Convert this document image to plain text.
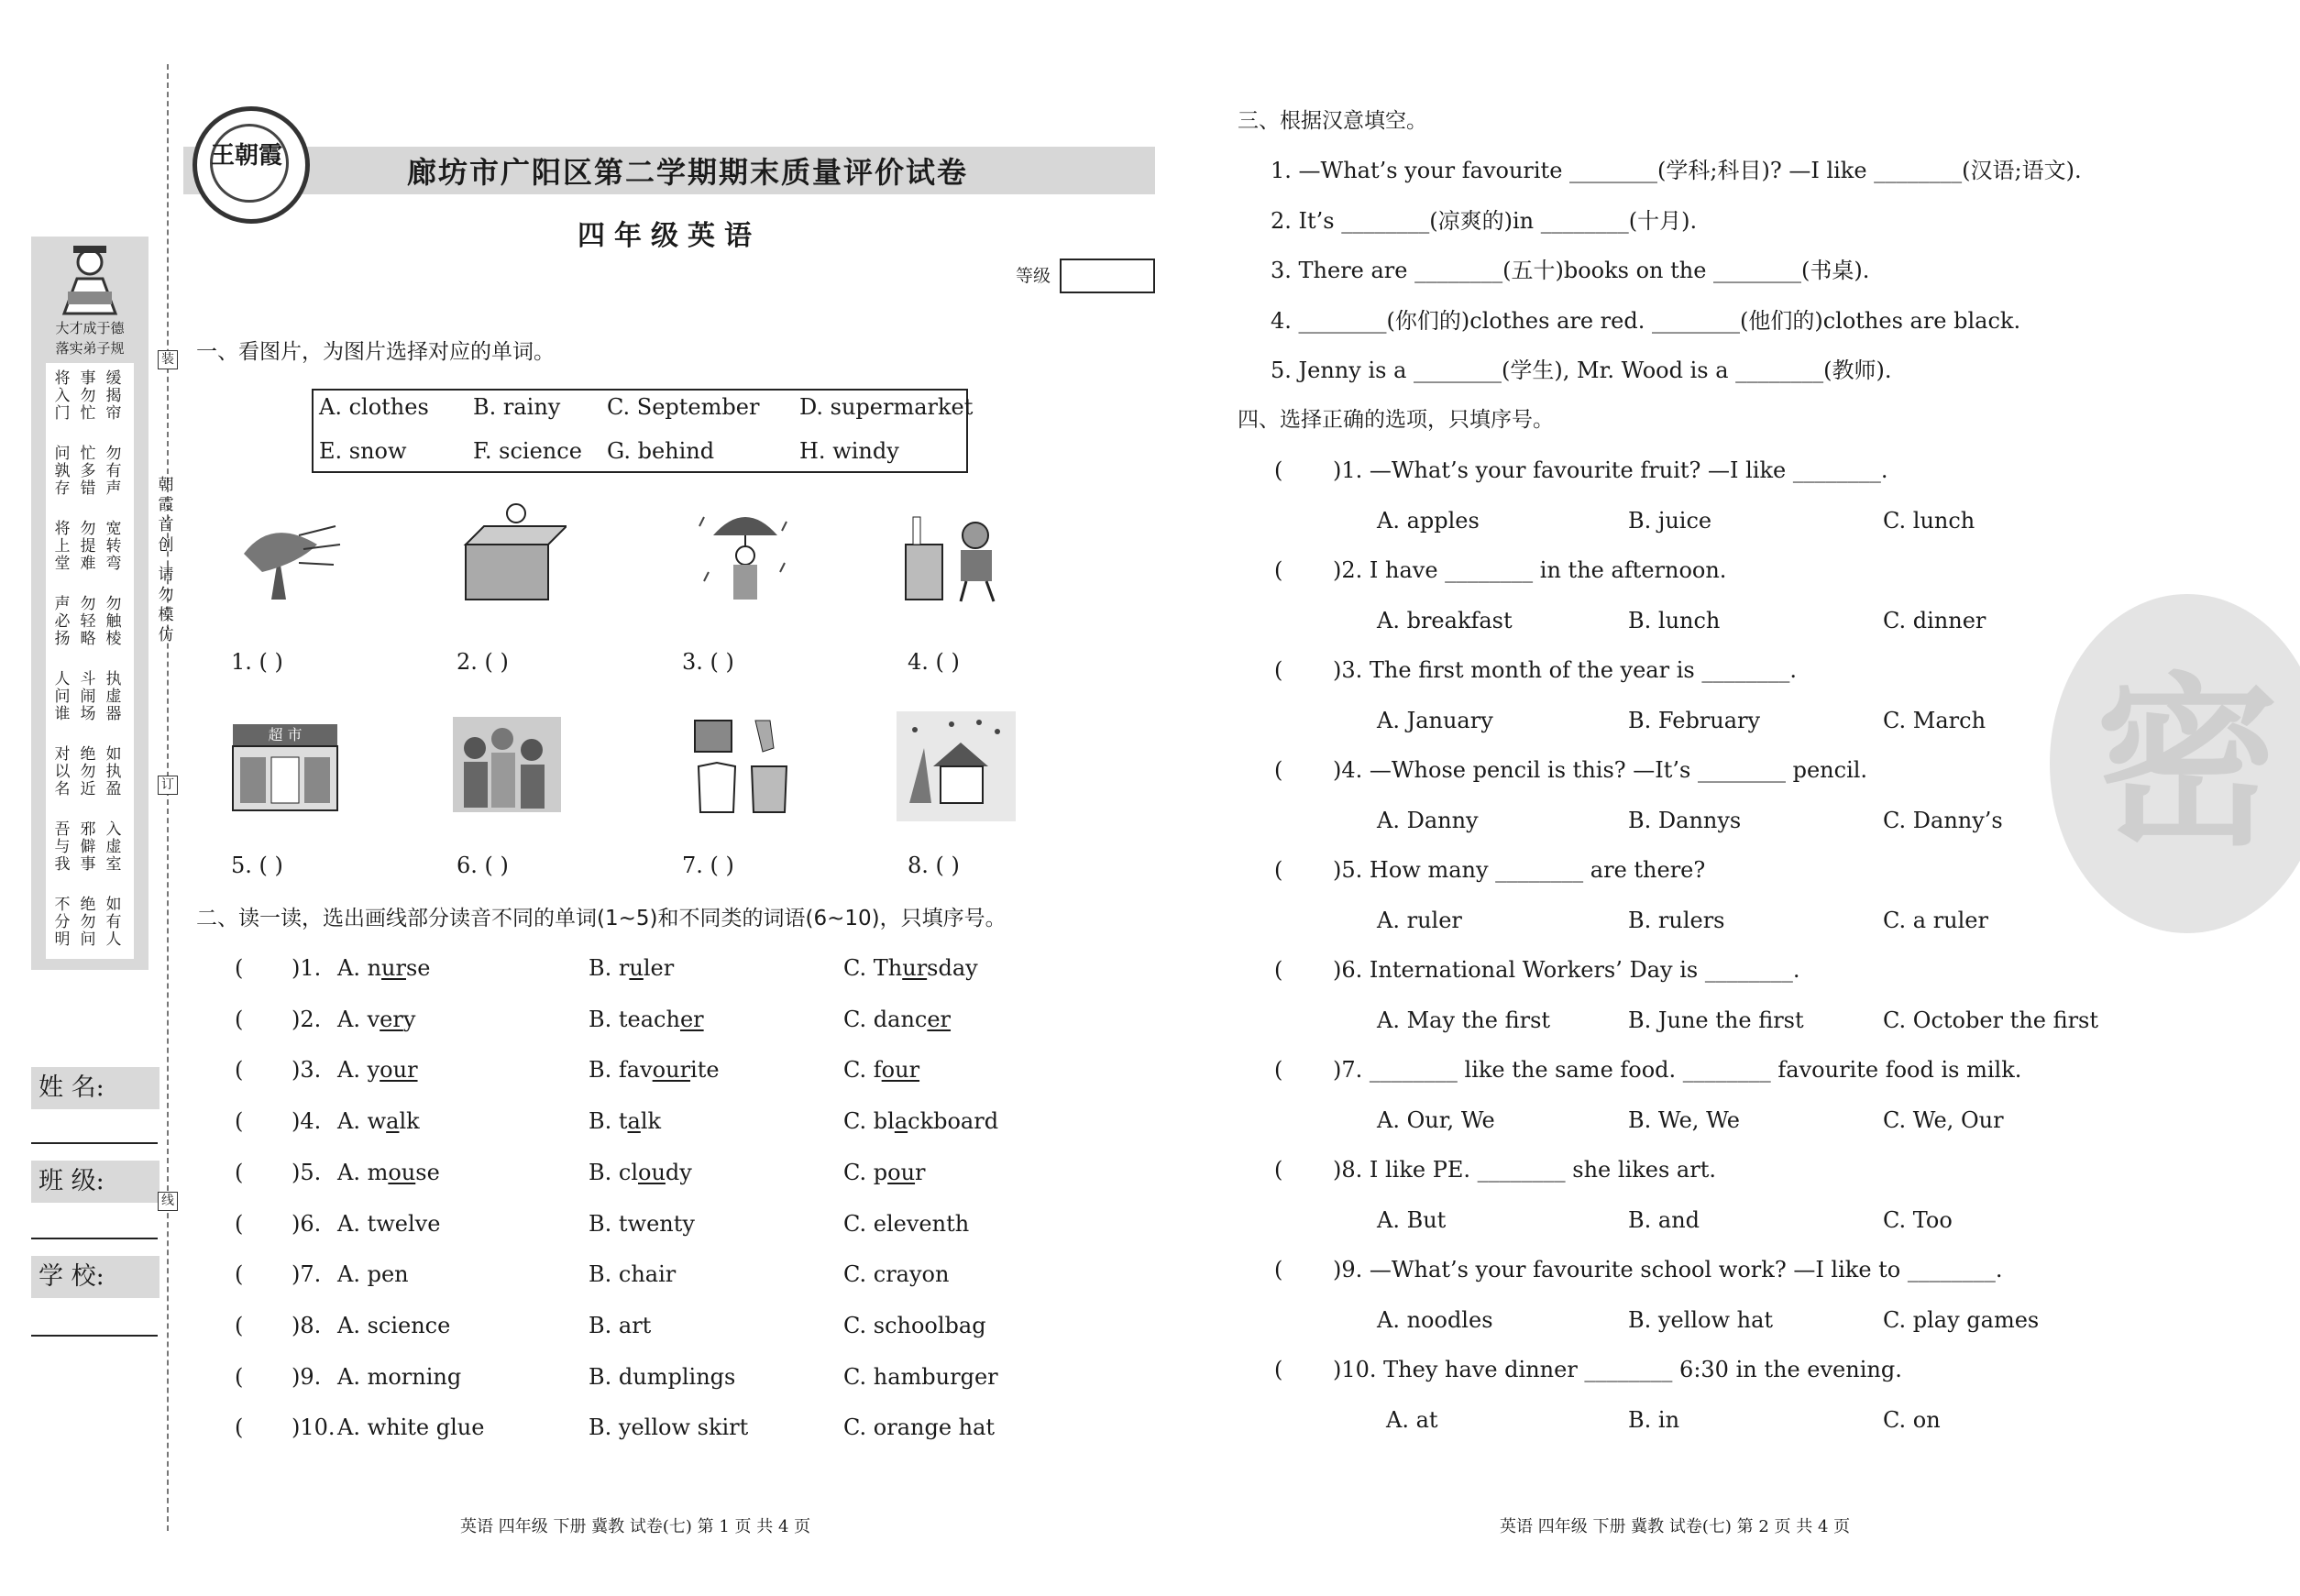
大才成于德
落实弟子规
将
入
门
事
勿
忙
缓
揭
帘
问
孰
存
忙
多
错
勿
有
声
将
上
堂
勿
提
难
宽
转
弯
声
必
扬
勿
轻
略
勿
触
棱
人
问
谁
斗
闹
场
执
虚
器
对
以
名
绝
勿
近
如
执
盈
吾
与
我
邪
僻
事
入
虚
室
不
分
明
绝
勿
问
如
有
人
姓 名:
班 级:
学 校:
王朝霞	廊坊市广阳区第二学期期末质量评价试卷
四年级英语
等级
密
一、看图片，为图片选择对应的单词。
A. clothes B. rainy C. September D. supermarket
E. snow	F. science G. behind	H. windy
超 市
1. ( )	2. ( )	3. ( )	4. ( )
5. ( )	6. ( )	7. ( )	8. ( )
二、读一读，选出画线部分读音不同的单词(1~5)和不同类的词语(6~10)，只填序号。
( )1. A. nurse	B. ruler	C. Thursday
( )2. A. very	B. teacher	C. dancer
( )3. A. your	B. favourite	C. four
( )4. A. walk	B. talk	C. blackboard
( )5. A. mouse	B. cloudy	C. pour
( )6. A. twelve	B. twenty	C. eleventh
( )7. A. pen	B. chair	C. crayon
( )8. A. science	B. art	C. schoolbag
( )9. A. morning	B. dumplings	C. hamburger
( )10. A. white glue	B. yellow skirt	C. orange hat
三、根据汉意填空。
1. —What’s your favourite ________(学科;科目)? —I like ________(汉语;语文).
2. It’s ________(凉爽的)in ________(十月).
3. There are ________(五十)books on the ________(书桌).
4. ________(你们的)clothes are red. ________(他们的)clothes are black.
5. Jenny is a ________(学生), Mr. Wood is a ________(教师).
四、选择正确的选项，只填序号。
( )1. —What’s your favourite fruit? —I like ________.
A. apples	B. juice	C. lunch
( )2. I have ________ in the afternoon.
A. breakfast	B. lunch	C. dinner
( )3. The first month of the year is ________.
A. January	B. February	C. March
( )4. —Whose pencil is this? —It’s ________ pencil.
A. Danny	B. Dannys	C. Danny’s
( )5. How many ________ are there?
A. ruler	B. rulers	C. a ruler
( )6. International Workers’ Day is ________.
A. May the first	B. June the first	C. October the first
( )7. ________ like the same food. ________ favourite food is milk.
A. Our, We	B. We, We	C. We, Our
( )8. I like PE. ________ she likes art.
A. But	B. and	C. Too
( )9. —What’s your favourite school work? —I like to ________.
A. noodles	B. yellow hat	C. play games
( )10. They have dinner ________ 6:30 in the evening.
A. at	B. in	C. on
英语 四年级 下册 冀教 试卷(七) 第 1 页 共 4 页	英语 四年级 下册 冀教 试卷(七) 第 2 页 共 4 页
朝
霞
首
创
请
勿
模
仿
装
订
线
